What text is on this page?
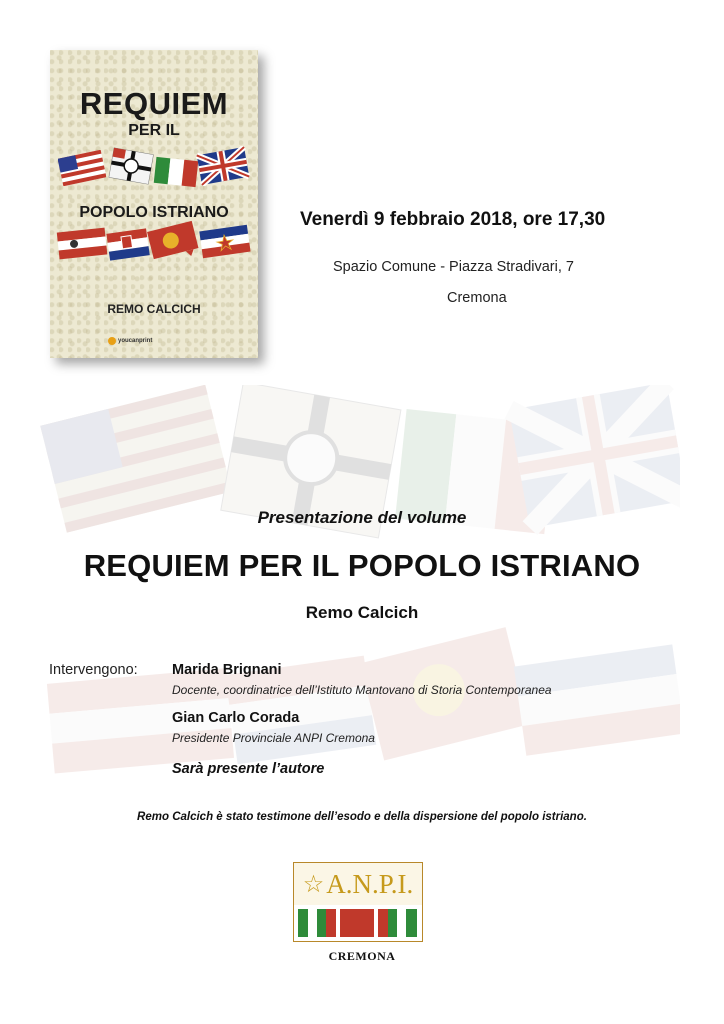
REQUIEM
PER IL
POPOLO ISTRIANO
REMO CALCICH
youcanprint
Venerdì 9 febbraio 2018, ore 17,30
Spazio Comune - Piazza Stradivari, 7
Cremona
Presentazione del volume
REQUIEM PER IL POPOLO ISTRIANO
Remo Calcich
Intervengono: Marida Brignani
Docente, coordinatrice dell’Istituto Mantovano di Storia Contemporanea
Gian Carlo Corada
Presidente Provinciale ANPI Cremona
Sarà presente l’autore
Remo Calcich è stato testimone dell’esodo e della dispersione del popolo istriano.
☆ A.N.P.I.
CREMONA
